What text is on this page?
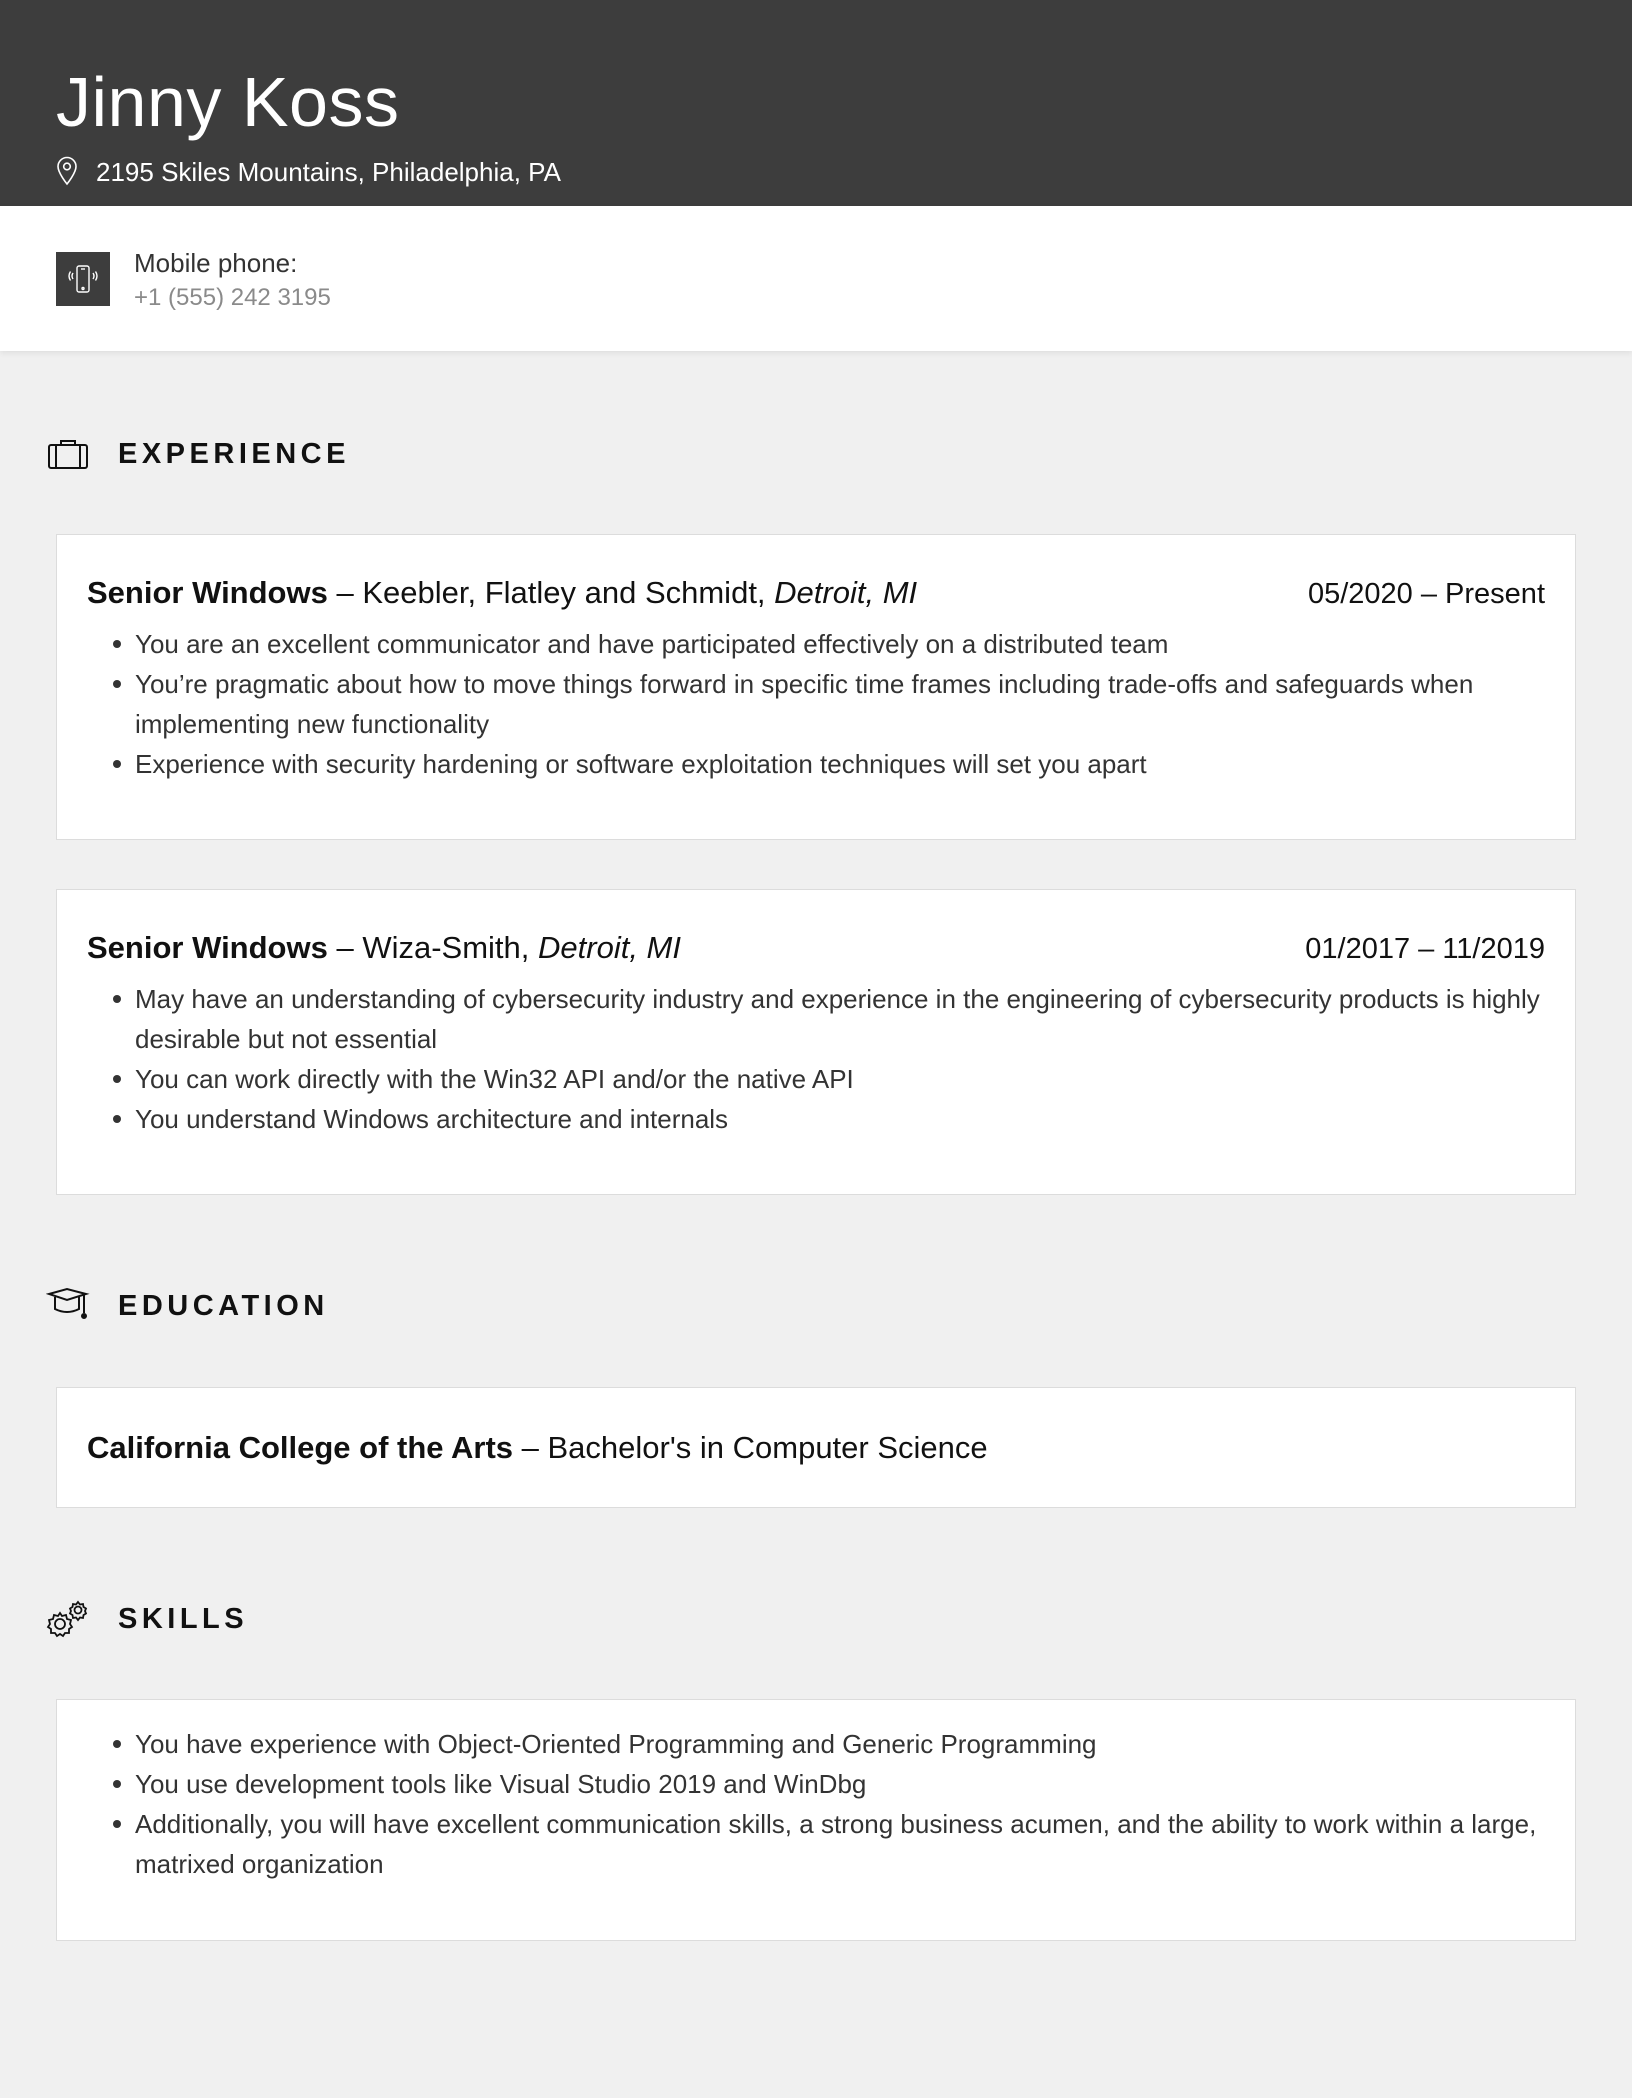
Jinny Koss
2195 Skiles Mountains, Philadelphia, PA
Mobile phone:
+1 (555) 242 3195
EXPERIENCE
Senior Windows – Keebler, Flatley and Schmidt, Detroit, MI	05/2020 – Present
You are an excellent communicator and have participated effectively on a distributed team
You’re pragmatic about how to move things forward in specific time frames including trade-offs and safeguards when implementing new functionality
Experience with security hardening or software exploitation techniques will set you apart
Senior Windows – Wiza-Smith, Detroit, MI	01/2017 – 11/2019
May have an understanding of cybersecurity industry and experience in the engineering of cybersecurity products is highly desirable but not essential
You can work directly with the Win32 API and/or the native API
You understand Windows architecture and internals
EDUCATION
California College of the Arts – Bachelor's in Computer Science
SKILLS
You have experience with Object-Oriented Programming and Generic Programming
You use development tools like Visual Studio 2019 and WinDbg
Additionally, you will have excellent communication skills, a strong business acumen, and the ability to work within a large, matrixed organization
